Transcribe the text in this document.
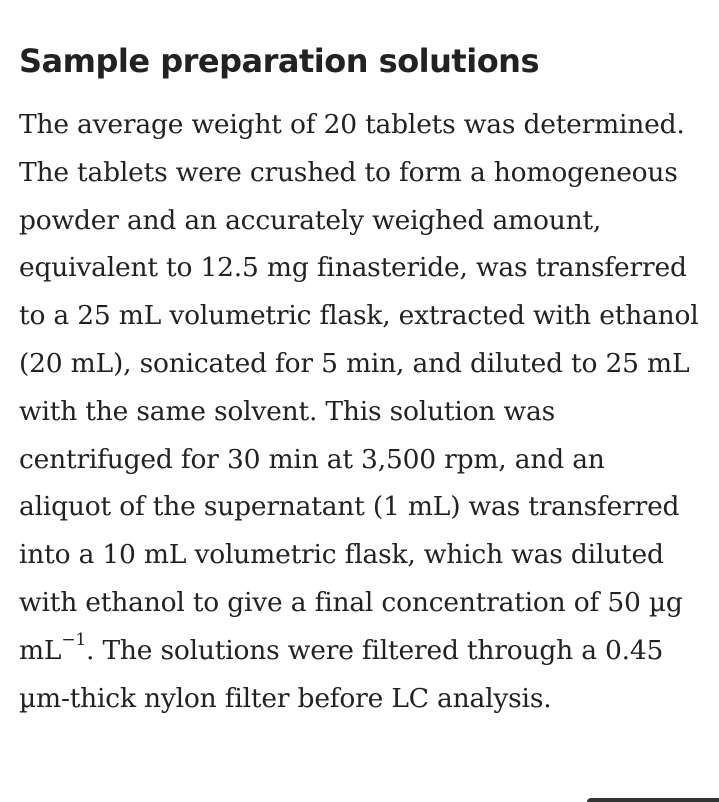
Sample preparation solutions

The average weight of 20 tablets was determined. The tablets were crushed to form a homogeneous powder and an accurately weighed amount, equivalent to 12.5 mg finasteride, was transferred to a 25 mL volumetric flask, extracted with ethanol (20 mL), sonicated for 5 min, and diluted to 25 mL with the same solvent. This solution was centrifuged for 30 min at 3,500 rpm, and an aliquot of the supernatant (1 mL) was transferred into a 10 mL volumetric flask, which was diluted with ethanol to give a final concentration of 50 µg $mL^{-1}$. The solutions were filtered through a 0.45 µm-thick nylon filter before LC analysis.
